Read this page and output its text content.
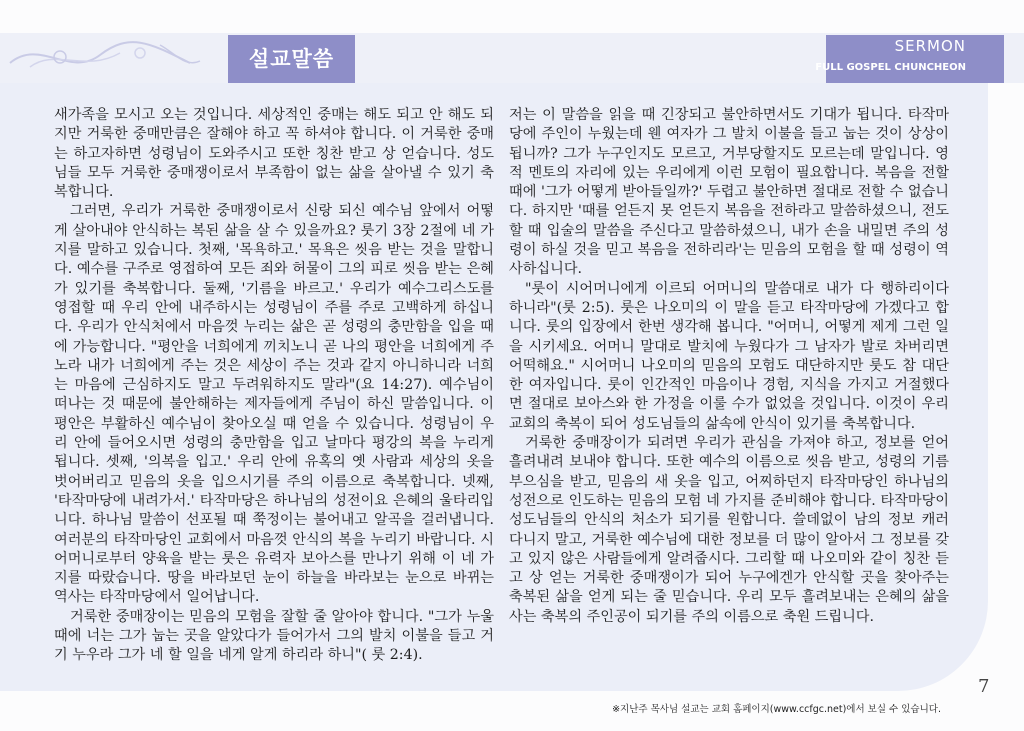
설교말씀
SERMON
FULL GOSPEL CHUNCHEON

새가족을 모시고 오는 것입니다. 세상적인 중매는 해도 되고 안 해도 되지만 거룩한 중매만큼은 잘해야 하고 꼭 하셔야 합니다. 이 거룩한 중매는 하고자하면 성령님이 도와주시고 또한 칭찬 받고 상 얻습니다. 성도님들 모두 거룩한 중매쟁이로서 부족함이 없는 삶을 살아낼 수 있기 축복합니다.

그러면, 우리가 거룩한 중매쟁이로서 신랑 되신 예수님 앞에서 어떻게 살아내야 안식하는 복된 삶을 살 수 있을까요? 룻기 3장 2절에 네 가지를 말하고 있습니다. 첫째, '목욕하고.' 목욕은 씻음 받는 것을 말합니다. 예수를 구주로 영접하여 모든 죄와 허물이 그의 피로 씻음 받는 은혜가 있기를 축복합니다. 둘째, '기름을 바르고.' 우리가 예수그리스도를 영접할 때 우리 안에 내주하시는 성령님이 주를 주로 고백하게 하십니다. 우리가 안식처에서 마음껏 누리는 삶은 곧 성령의 충만함을 입을 때에 가능합니다. "평안을 너희에게 끼치노니 곧 나의 평안을 너희에게 주노라 내가 너희에게 주는 것은 세상이 주는 것과 같지 아니하니라 너희는 마음에 근심하지도 말고 두려워하지도 말라"(요 14:27). 예수님이 떠나는 것 때문에 불안해하는 제자들에게 주님이 하신 말씀입니다. 이 평안은 부활하신 예수님이 찾아오실 때 얻을 수 있습니다. 성령님이 우리 안에 들어오시면 성령의 충만함을 입고 날마다 평강의 복을 누리게 됩니다. 셋째, '의복을 입고.' 우리 안에 유혹의 옛 사람과 세상의 옷을 벗어버리고 믿음의 옷을 입으시기를 주의 이름으로 축복합니다. 넷째, '타작마당에 내려가서.' 타작마당은 하나님의 성전이요 은혜의 울타리입니다. 하나님 말씀이 선포될 때 쭉정이는 불어내고 알곡을 걸러냅니다. 여러분의 타작마당인 교회에서 마음껏 안식의 복을 누리기 바랍니다. 시어머니로부터 양육을 받는 룻은 유력자 보아스를 만나기 위해 이 네 가지를 따랐습니다. 땅을 바라보던 눈이 하늘을 바라보는 눈으로 바뀌는 역사는 타작마당에서 일어납니다.

거룩한 중매장이는 믿음의 모험을 잘할 줄 알아야 합니다. "그가 누울 때에 너는 그가 눕는 곳을 알았다가 들어가서 그의 발치 이불을 들고 거기 누우라 그가 네 할 일을 네게 알게 하리라 하니"( 룻 2:4).

저는 이 말씀을 읽을 때 긴장되고 불안하면서도 기대가 됩니다. 타작마당에 주인이 누웠는데 웬 여자가 그 발치 이불을 들고 눕는 것이 상상이 됩니까? 그가 누구인지도 모르고, 거부당할지도 모르는데 말입니다. 영적 멘토의 자리에 있는 우리에게 이런 모험이 필요합니다. 복음을 전할 때에 '그가 어떻게 받아들일까?' 두렵고 불안하면 절대로 전할 수 없습니다. 하지만 '때를 얻든지 못 얻든지 복음을 전하라고 말씀하셨으니, 전도할 때 입술의 말씀을 주신다고 말씀하셨으니, 내가 손을 내밀면 주의 성령이 하실 것을 믿고 복음을 전하리라'는 믿음의 모험을 할 때 성령이 역사하십니다.

"룻이 시어머니에게 이르되 어머니의 말씀대로 내가 다 행하리이다 하니라"(룻 2:5). 룻은 나오미의 이 말을 듣고 타작마당에 가겠다고 합니다. 룻의 입장에서 한번 생각해 봅니다. "어머니, 어떻게 제게 그런 일을 시키세요. 어머니 말대로 발치에 누웠다가 그 남자가 발로 차버리면 어떡해요." 시어머니 나오미의 믿음의 모험도 대단하지만 룻도 참 대단한 여자입니다. 룻이 인간적인 마음이나 경험, 지식을 가지고 거절했다면 절대로 보아스와 한 가정을 이룰 수가 없었을 것입니다. 이것이 우리 교회의 축복이 되어 성도님들의 삶속에 안식이 있기를 축복합니다.

거룩한 중매장이가 되려면 우리가 관심을 가져야 하고, 정보를 얻어 흘려내려 보내야 합니다. 또한 예수의 이름으로 씻음 받고, 성령의 기름부으심을 받고, 믿음의 새 옷을 입고, 어찌하던지 타작마당인 하나님의 성전으로 인도하는 믿음의 모험 네 가지를 준비해야 합니다. 타작마당이 성도님들의 안식의 처소가 되기를 원합니다. 쓸데없이 남의 정보 캐러 다니지 말고, 거룩한 예수님에 대한 정보를 더 많이 알아서 그 정보를 갖고 있지 않은 사람들에게 알려줍시다. 그리할 때 나오미와 같이 칭찬 듣고 상 얻는 거룩한 중매쟁이가 되어 누구에겐가 안식할 곳을 찾아주는 축복된 삶을 얻게 되는 줄 믿습니다. 우리 모두 흘려보내는 은혜의 삶을 사는 축복의 주인공이 되기를 주의 이름으로 축원 드립니다.

7
※지난주 목사님 설교는 교회 홈페이지(www.ccfgc.net)에서 보실 수 있습니다.
